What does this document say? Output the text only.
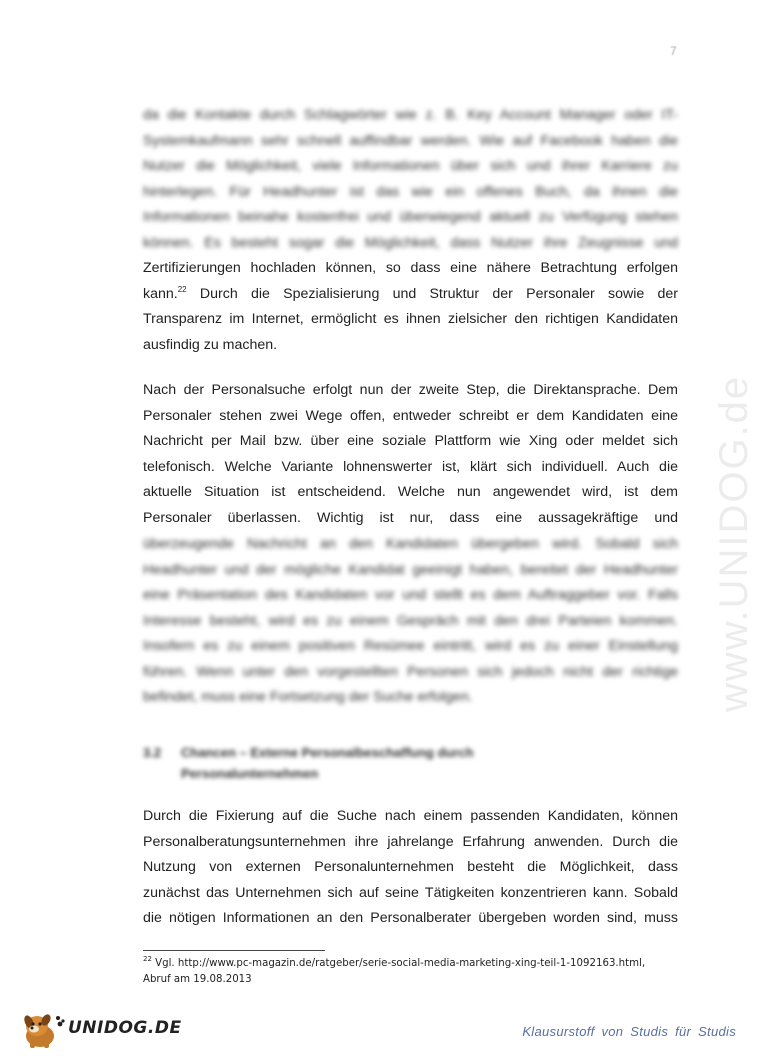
7
www.UNIDOG.de

da die Kontakte durch Schlagwörter wie z. B. Key Account Manager oder IT-
Systemkaufmann sehr schnell auffindbar werden. Wie auf Facebook haben die
Nutzer die Möglichkeit, viele Informationen über sich und ihrer Karriere zu
hinterlegen. Für Headhunter ist das wie ein offenes Buch, da ihnen die
Informationen beinahe kostenfrei und überwiegend aktuell zu Verfügung stehen
können. Es besteht sogar die Möglichkeit, dass Nutzer ihre Zeugnisse und

Zertifizierungen hochladen können, so dass eine nähere Betrachtung erfolgen
kann.$^{22}$ Durch die Spezialisierung und Struktur der Personaler sowie der
Transparenz im Internet, ermöglicht es ihnen zielsicher den richtigen Kandidaten
ausfindig zu machen.

Nach der Personalsuche erfolgt nun der zweite Step, die Direktansprache. Dem
Personaler stehen zwei Wege offen, entweder schreibt er dem Kandidaten eine
Nachricht per Mail bzw. über eine soziale Plattform wie Xing oder meldet sich
telefonisch. Welche Variante lohnenswerter ist, klärt sich individuell. Auch die
aktuelle Situation ist entscheidend. Welche nun angewendet wird, ist dem
Personaler überlassen. Wichtig ist nur, dass eine aussagekräftige und

überzeugende Nachricht an den Kandidaten übergeben wird. Sobald sich
Headhunter und der mögliche Kandidat geeinigt haben, bereitet der Headhunter
eine Präsentation des Kandidaten vor und stellt es dem Auftraggeber vor. Falls
Interesse besteht, wird es zu einem Gespräch mit den drei Parteien kommen.
Insofern es zu einem positiven Resümee eintritt, wird es zu einer Einstellung
führen. Wenn unter den vorgestellten Personen sich jedoch nicht der richtige
befindet, muss eine Fortsetzung der Suche erfolgen.

3.2 Chancen – Externe Personalbeschaffung durch
Personalunternehmen

Durch die Fixierung auf die Suche nach einem passenden Kandidaten, können
Personalberatungsunternehmen ihre jahrelange Erfahrung anwenden. Durch die
Nutzung von externen Personalunternehmen besteht die Möglichkeit, dass
zunächst das Unternehmen sich auf seine Tätigkeiten konzentrieren kann. Sobald
die nötigen Informationen an den Personalberater übergeben worden sind, muss

$^{22}$ Vgl. http://www.pc-magazin.de/ratgeber/serie-social-media-marketing-xing-teil-1-1092163.html,
Abruf am 19.08.2013
UNIDOG.DE	Klausurstoff von Studis für Studis
